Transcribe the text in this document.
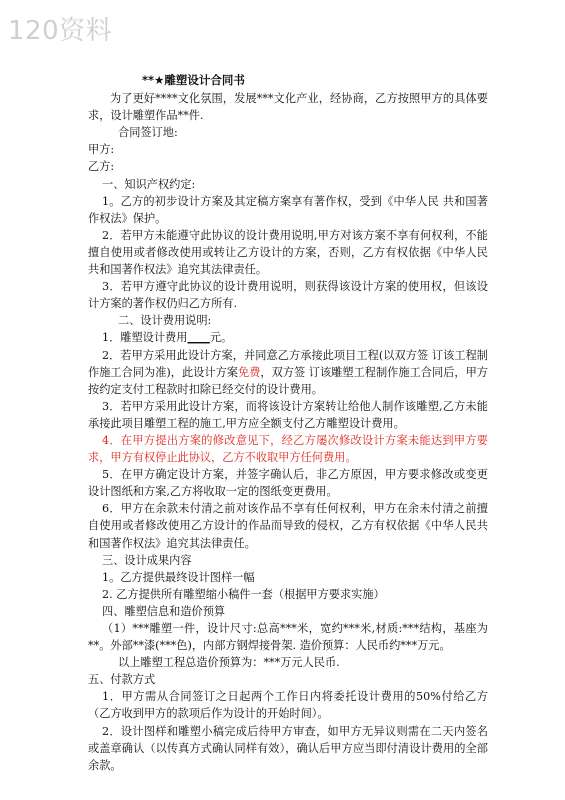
120资料
**★雕塑设计合同书

为了更好****文化氛围，发展***文化产业，经协商，乙方按照甲方的具体要求，设计雕塑作品**件.

合同签订地:

甲方:

乙方:

一、知识产权约定:

1。乙方的初步设计方案及其定稿方案享有著作权，受到《中华人民 共和国著作权法》保护。

2．若甲方未能遵守此协议的设计费用说明,甲方对该方案不享有何权利，不能擅自使用或者修改使用或转让乙方设计的方案，否则，乙方有权依据《中华人民共和国著作权法》追究其法律责任。

3．若甲方遵守此协议的设计费用说明，则获得该设计方案的使用权，但该设计方案的著作权仍归乙方所有.

二、设计费用说明:

1．雕塑设计费用____元。

2．若甲方采用此设计方案，并同意乙方承接此项目工程(以双方签 订该工程制作施工合同为准)，此设计方案免费，双方签 订该雕塑工程制作施工合同后，甲方按约定支付工程款时扣除已经交付的设计费用。

3．若甲方采用此设计方案，而将该设计方案转让给他人制作该雕塑,乙方未能承接此项目雕塑工程的施工,甲方应全额支付乙方雕塑设计费用。

4．在甲方提出方案的修改意见下，经乙方屡次修改设计方案未能达到甲方要求，甲方有权停止此协议，乙方不收取甲方任何费用。

5．在甲方确定设计方案，并签字确认后，非乙方原因，甲方要求修改或变更设计图纸和方案,乙方将收取一定的图纸变更费用。

6．甲方在余款未付清之前对该作品不享有任何权利，甲方在余未付清之前擅自使用或者修改使用乙方设计的作品而导致的侵权，乙方有权依据《中华人民共和国著作权法》追究其法律责任。

三、设计成果内容

1。乙方提供最终设计图样一幅

2. 乙方提供所有雕塑缩小稿件一套（根据甲方要求实施）

四、雕塑信息和造价预算

（1）***雕塑一件，设计尺寸:总高***米，宽约***米,材质:***结构，基座为**。外部**漆(***色)，内部方钢焊接骨架. 造价预算：人民币约***万元。

以上雕塑工程总造价预算为：***万元人民币.

五、付款方式

1．甲方需从合同签订之日起两个工作日内将委托设计费用的50%付给乙方（乙方收到甲方的款项后作为设计的开始时间）。

2．设计图样和雕塑小稿完成后待甲方审查，如甲方无异议则需在二天内签名或盖章确认（以传真方式确认同样有效），确认后甲方应当即付清设计费用的全部余款。
